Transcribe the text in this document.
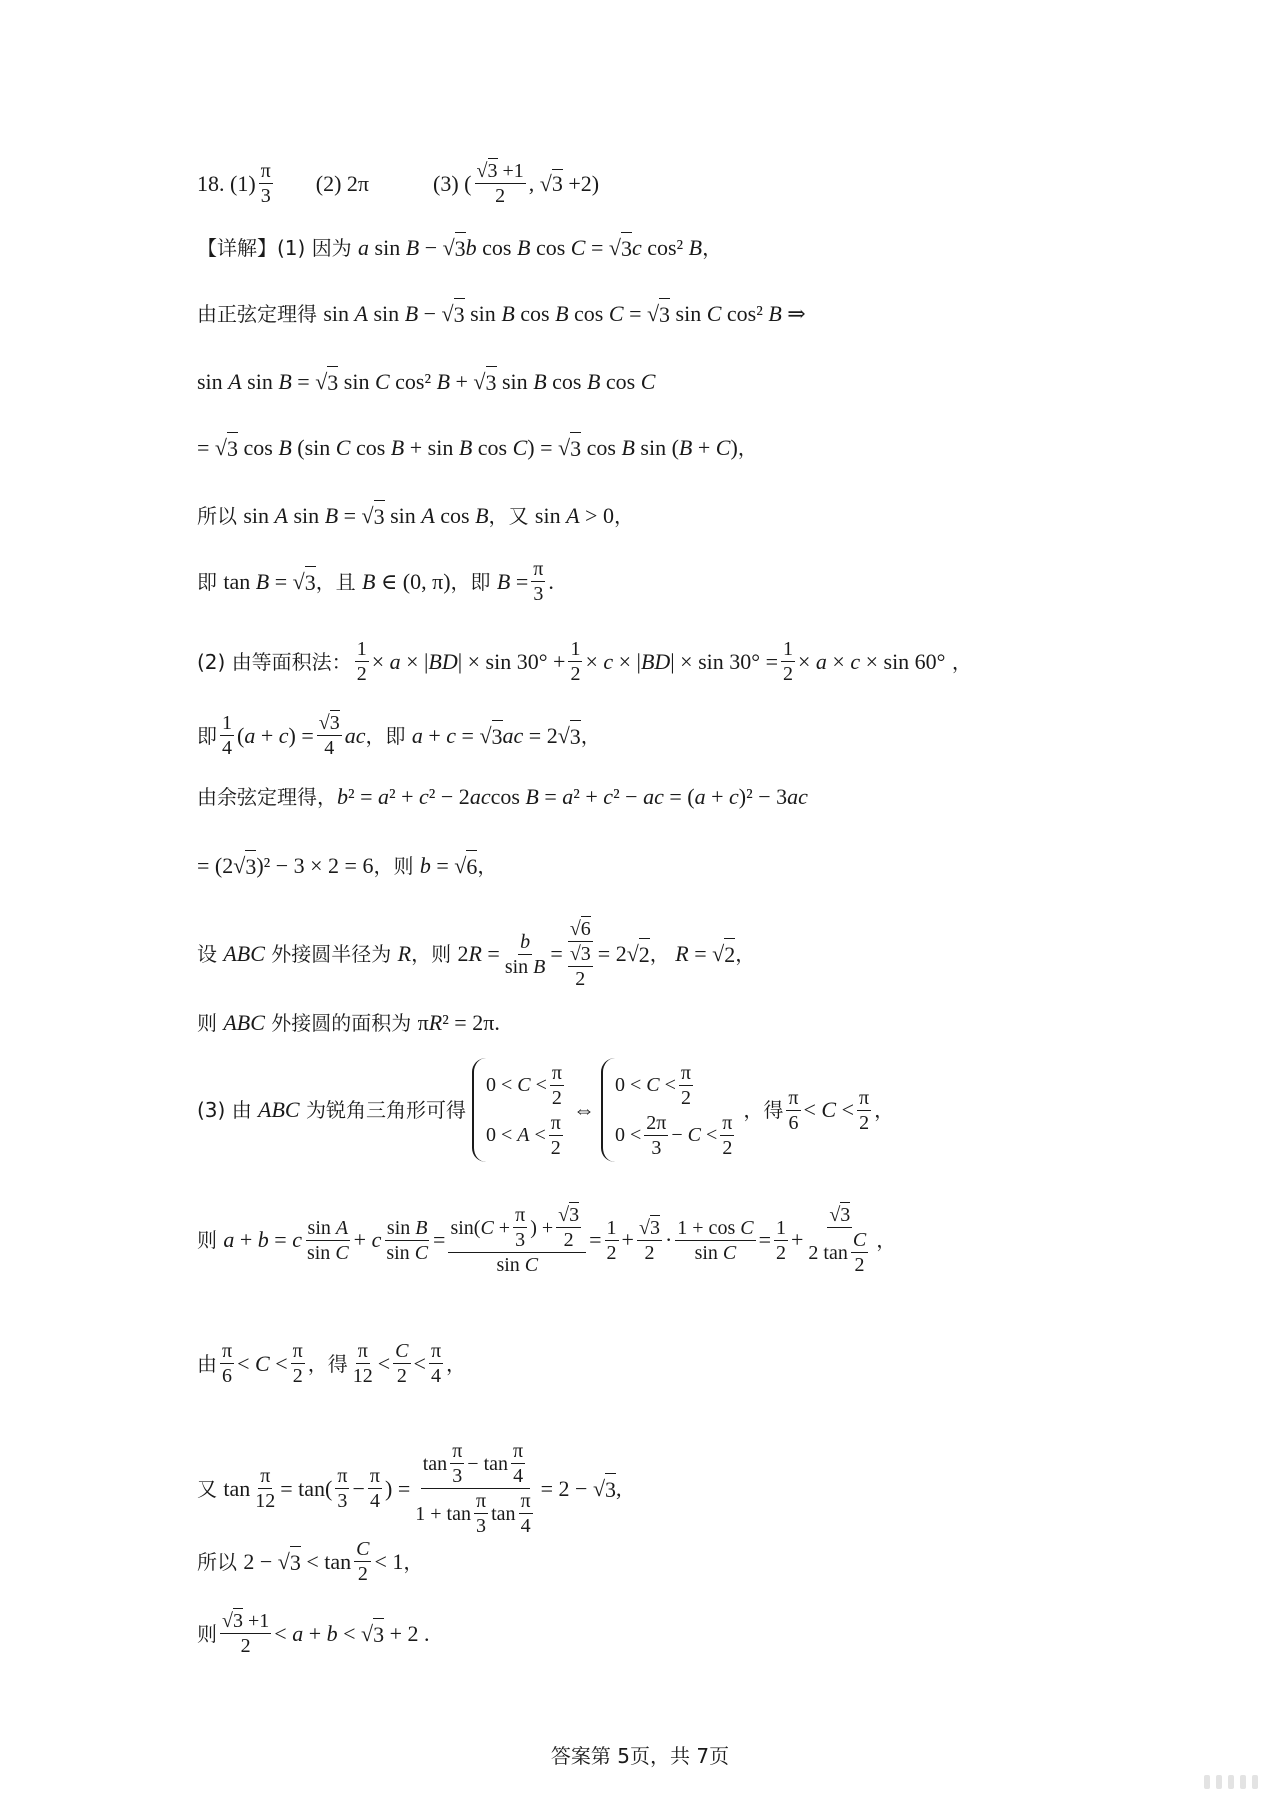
18 . $(1) \frac{\pi}{3} (2)$ 2π	(3) ( $\frac{√3 +1}{2}$ , √3 +2)
【详解】 (1) 因为 a sin B − √ 3 b cos B cos C = √ 3 c cos² B ，
由正弦定理得 sin A sin B − √ 3 sin B cos B cos C = √ 3 sin C cos² B ⇒
sin A sin B = √ 3 sin C cos² B + √ 3 sin B cos B cos C
= √ 3 cos B (sin C cos B + sin B cos C ) = √ 3 cos B sin ( B + C ) ，
所以 sin A sin B = √ 3 sin A cos B ，又 sin A > 0 ，
即 tan B = √ 3 ，且 B ∈ (0, π) ，即 $B = \frac{\pi}{3}$ .
(2) 由等面积法： $\frac{1}{2} \times a$ × | BD | × $\sin 30^\circ + \frac{1}{2} \times c$ × | BD | × $\sin 30^\circ = \frac{1}{2} \times a \times c \times \sin 60^\circ$ ，
即 $\frac{1}{4}$ ( a + c ) = $\frac{√3}{4}$ ac ，即 a + c = √ 3 ac = 2√ 3 ，
由余弦定理得， b ² = a ² + c ² − 2 ac cos B = a ² + c ² − ac = ( a + c )² − 3 ac
= (2√ 3 )² − 3 × 2 = 6 ，则 b = √ 6 ，
设 ABC 外接圆半径为 R ，则 2 $R = \frac{b}{\text{sin B}} = \frac{√6}{\frac{√3}{2}} = 2√$ 2 ，
R = √ 2 ，
则 ABC 外接圆的面积为 π R ² = 2π.
(3) 由 ABC 为锐角三角形可得
$0 < C < \frac{\pi}{2}$
$0 < A < \frac{\pi}{2}$
⇔
$0 < C < \frac{\pi}{2}$
$0 < \frac{2\pi}{3} - C < \frac{\pi}{2}$
，得 $\frac{\pi}{6} < C < \frac{\pi}{2}$ ，
则 a + b = c $\frac{\text{sin A}}{\text{sin C}} + c \frac{\text{sin B}}{\text{sin C}} = \frac{\sin( C + \frac{\pi}{3} ) + \frac{√3}{2}}{\text{sin C}} = \frac{1}{2} + \frac{√3}{2} \cdot \frac{\text{1 + cos C}}{\text{sin C}} = \frac{1}{2} + \frac{√3}{2 \tan \frac{C}{2}}$ ，
由 $\frac{\pi}{6} < C < \frac{\pi}{2}$ ，得 $\frac{\pi}{12} < \frac{C}{2} < \frac{\pi}{4}$ ，
又 $\tan \frac{\pi}{12} = \tan( \frac{\pi}{3} - \frac{\pi}{4}$ ) = $\frac{\tan \frac{\pi}{3} - \tan \frac{\pi}{4}}{1 + \tan \frac{\pi}{3} \tan \frac{\pi}{4}} = 2$ − √ 3 ,
所以 2 − √ $3 < \tan \frac{C}{2} < 1$ ，
则 $\frac{√3 +1}{2} < a + b$ < √ 3 + 2 .
答案第 5页，共 7页
